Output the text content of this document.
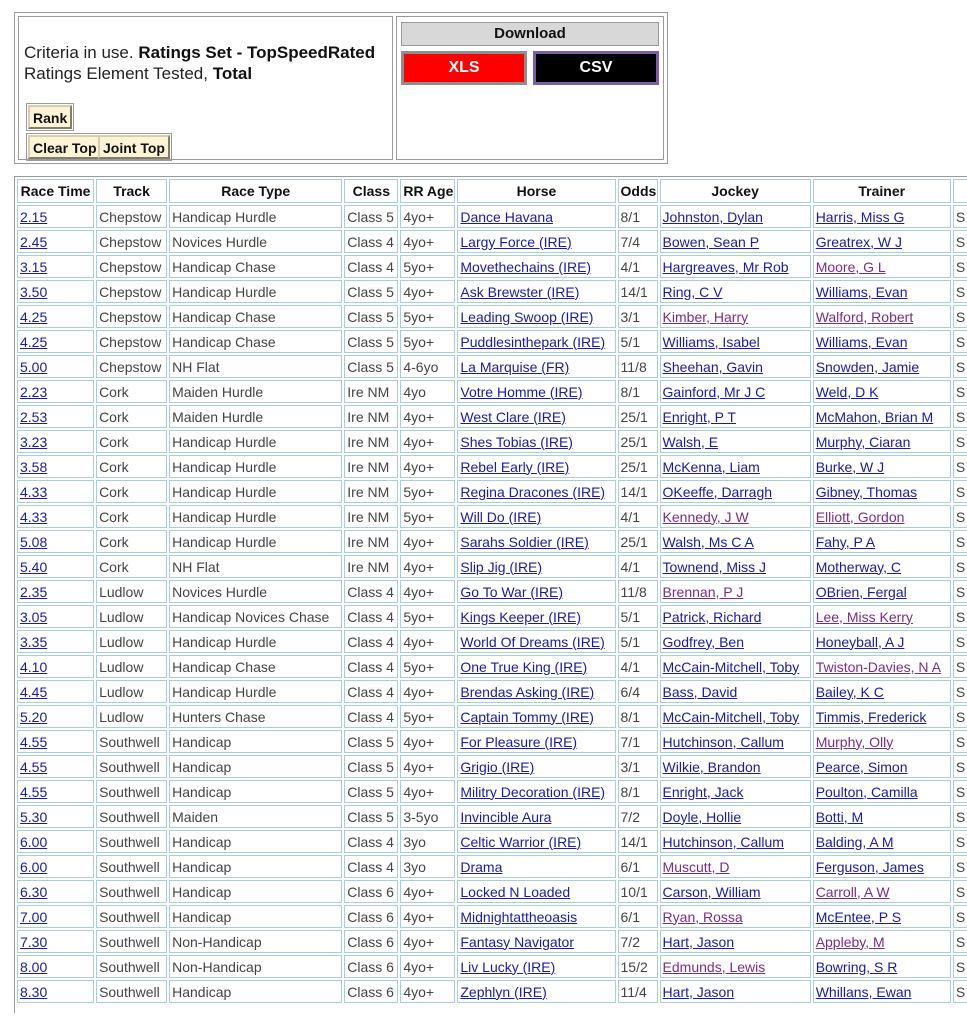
Criteria in use. Ratings Set - TopSpeedRated
Ratings Element Tested, Total
Rank
Clear Top Joint Top
Download
XLS	CSV
Race Time	Track	Race Type	Class	RR Age	Horse	Odds	Jockey	Trainer	
2.15	Chepstow	Handicap Hurdle	Class 5	4yo+	Dance Havana	8/1	Johnston, Dylan	Harris, Miss G	S
2.45	Chepstow	Novices Hurdle	Class 4	4yo+	Largy Force (IRE)	7/4	Bowen, Sean P	Greatrex, W J	S
3.15	Chepstow	Handicap Chase	Class 4	5yo+	Movethechains (IRE)	4/1	Hargreaves, Mr Rob	Moore, G L	S
3.50	Chepstow	Handicap Hurdle	Class 5	4yo+	Ask Brewster (IRE)	14/1	Ring, C V	Williams, Evan	S
4.25	Chepstow	Handicap Chase	Class 5	5yo+	Leading Swoop (IRE)	3/1	Kimber, Harry	Walford, Robert	S
4.25	Chepstow	Handicap Chase	Class 5	5yo+	Puddlesinthepark (IRE)	5/1	Williams, Isabel	Williams, Evan	S
5.00	Chepstow	NH Flat	Class 5	4-6yo	La Marquise (FR)	11/8	Sheehan, Gavin	Snowden, Jamie	S
2.23	Cork	Maiden Hurdle	Ire NM	4yo	Votre Homme (IRE)	8/1	Gainford, Mr J C	Weld, D K	S
2.53	Cork	Maiden Hurdle	Ire NM	4yo+	West Clare (IRE)	25/1	Enright, P T	McMahon, Brian M	S
3.23	Cork	Handicap Hurdle	Ire NM	4yo+	Shes Tobias (IRE)	25/1	Walsh, E	Murphy, Ciaran	S
3.58	Cork	Handicap Hurdle	Ire NM	4yo+	Rebel Early (IRE)	25/1	McKenna, Liam	Burke, W J	S
4.33	Cork	Handicap Hurdle	Ire NM	5yo+	Regina Dracones (IRE)	14/1	OKeeffe, Darragh	Gibney, Thomas	S
4.33	Cork	Handicap Hurdle	Ire NM	5yo+	Will Do (IRE)	4/1	Kennedy, J W	Elliott, Gordon	S
5.08	Cork	Handicap Hurdle	Ire NM	4yo+	Sarahs Soldier (IRE)	25/1	Walsh, Ms C A	Fahy, P A	S
5.40	Cork	NH Flat	Ire NM	4yo+	Slip Jig (IRE)	4/1	Townend, Miss J	Motherway, C	S
2.35	Ludlow	Novices Hurdle	Class 4	4yo+	Go To War (IRE)	11/8	Brennan, P J	OBrien, Fergal	S
3.05	Ludlow	Handicap Novices Chase	Class 4	5yo+	Kings Keeper (IRE)	5/1	Patrick, Richard	Lee, Miss Kerry	S
3.35	Ludlow	Handicap Hurdle	Class 4	4yo+	World Of Dreams (IRE)	5/1	Godfrey, Ben	Honeyball, A J	S
4.10	Ludlow	Handicap Chase	Class 4	5yo+	One True King (IRE)	4/1	McCain-Mitchell, Toby	Twiston-Davies, N A	S
4.45	Ludlow	Handicap Hurdle	Class 4	4yo+	Brendas Asking (IRE)	6/4	Bass, David	Bailey, K C	S
5.20	Ludlow	Hunters Chase	Class 4	5yo+	Captain Tommy (IRE)	8/1	McCain-Mitchell, Toby	Timmis, Frederick	S
4.55	Southwell	Handicap	Class 5	4yo+	For Pleasure (IRE)	7/1	Hutchinson, Callum	Murphy, Olly	S
4.55	Southwell	Handicap	Class 5	4yo+	Grigio (IRE)	3/1	Wilkie, Brandon	Pearce, Simon	S
4.55	Southwell	Handicap	Class 5	4yo+	Militry Decoration (IRE)	8/1	Enright, Jack	Poulton, Camilla	S
5.30	Southwell	Maiden	Class 5	3-5yo	Invincible Aura	7/2	Doyle, Hollie	Botti, M	S
6.00	Southwell	Handicap	Class 4	3yo	Celtic Warrior (IRE)	14/1	Hutchinson, Callum	Balding, A M	S
6.00	Southwell	Handicap	Class 4	3yo	Drama	6/1	Muscutt, D	Ferguson, James	S
6.30	Southwell	Handicap	Class 6	4yo+	Locked N Loaded	10/1	Carson, William	Carroll, A W	S
7.00	Southwell	Handicap	Class 6	4yo+	Midnightattheoasis	6/1	Ryan, Rossa	McEntee, P S	S
7.30	Southwell	Non-Handicap	Class 6	4yo+	Fantasy Navigator	7/2	Hart, Jason	Appleby, M	S
8.00	Southwell	Non-Handicap	Class 6	4yo+	Liv Lucky (IRE)	15/2	Edmunds, Lewis	Bowring, S R	S
8.30	Southwell	Handicap	Class 6	4yo+	Zephlyn (IRE)	11/4	Hart, Jason	Whillans, Ewan	S
